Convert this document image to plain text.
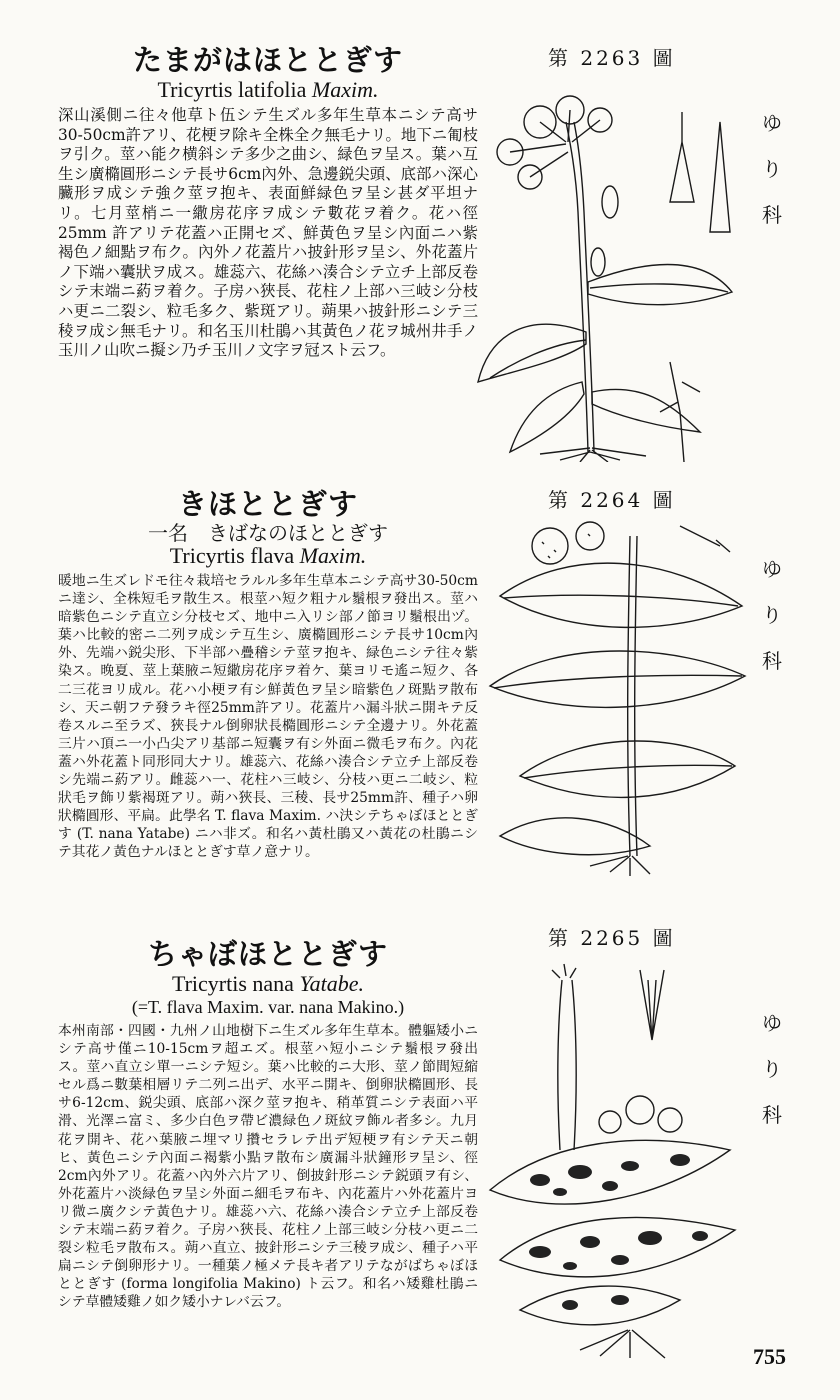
たまがはほととぎす
Tricyrtis latifolia Maxim.
深山溪側ニ往々他草ト伍シテ生ズル多年生草本ニシテ高サ30-50cm許アリ、花梗ヲ除キ全株全ク無毛ナリ。地下ニ匍枝ヲ引ク。莖ハ能ク横斜シテ多少之曲シ、緑色ヲ呈ス。葉ハ互生シ廣橢圓形ニシテ長サ6cm內外、急邊鋭尖頭、底部ハ深心臟形ヲ成シテ強ク莖ヲ抱キ、表面鮮緑色ヲ呈シ甚ダ平坦ナリ。七月莖梢ニ一繖房花序ヲ成シテ數花ヲ着ク。花ハ徑25mm 許アリテ花蓋ハ正開セズ、鮮黃色ヲ呈シ內面ニハ紫褐色ノ細點ヲ布ク。內外ノ花蓋片ハ披針形ヲ呈シ、外花蓋片ノ下端ハ囊狀ヲ成ス。雄蕊六、花絲ハ湊合シテ立チ上部反卷シテ末端ニ葯ヲ着ク。子房ハ狹長、花柱ノ上部ハ三岐シ分枝ハ更ニ二裂シ、粒毛多ク、紫斑アリ。蒴果ハ披針形ニシテ三稜ヲ成シ無毛ナリ。和名玉川杜鵑ハ其黃色ノ花ヲ城州井手ノ玉川ノ山吹ニ擬シ乃チ玉川ノ文字ヲ冠スト云フ。
第 2263 圖
ゆ
り
科
きほととぎす
一名　きばなのほととぎす
Tricyrtis flava Maxim.
暖地ニ生ズレドモ往々栽培セラルル多年生草本ニシテ高サ30-50cmニ達シ、全株短毛ヲ散生ス。根莖ハ短ク粗ナル鬚根ヲ發出ス。莖ハ暗紫色ニシテ直立シ分枝セズ、地中ニ入リシ部ノ節ヨリ鬚根出ヅ。葉ハ比較的密ニ二列ヲ成シテ互生シ、廣橢圓形ニシテ長サ10cm內外、先端ハ鋭尖形、下半部ハ疊稽シテ莖ヲ抱キ、緑色ニシテ往々紫染ス。晚夏、莖上葉腋ニ短繖房花序ヲ着ケ、葉ヨリモ遙ニ短ク、各二三花ヨリ成ル。花ハ小梗ヲ有シ鮮黃色ヲ呈シ暗紫色ノ斑點ヲ散布シ、天ニ朝フテ發ラキ徑25mm許アリ。花蓋片ハ漏斗狀ニ開キテ反卷スルニ至ラズ、狹長ナル倒卵狀長橢圓形ニシテ全邊ナリ。外花蓋三片ハ頂ニ一小凸尖アリ基部ニ短囊ヲ有シ外面ニ微毛ヲ布ク。內花蓋ハ外花蓋ト同形同大ナリ。雄蕊六、花絲ハ湊合シテ立チ上部反卷シ先端ニ葯アリ。雌蕊ハ一、花柱ハ三岐シ、分枝ハ更ニ二岐シ、粒狀毛ヲ飾リ紫褐斑アリ。蒴ハ狹長、三稜、長サ25mm許、種子ハ卵狀橢圓形、平扁。此學名 T. flava Maxim. ハ決シテちゃぼほととぎす (T. nana Yatabe) ニハ非ズ。和名ハ黃杜鵑又ハ黃花の杜鵑ニシテ其花ノ黃色ナルほととぎす草ノ意ナリ。
第 2264 圖
ゆ
り
科
ちゃぼほととぎす
Tricyrtis nana Yatabe.
(=T. flava Maxim. var. nana Makino.)
本州南部・四國・九州ノ山地樹下ニ生ズル多年生草本。體軀矮小ニシテ高サ僅ニ10-15cmヲ超エズ。根莖ハ短小ニシテ鬚根ヲ發出ス。莖ハ直立シ單一ニシテ短シ。葉ハ比較的ニ大形、莖ノ節間短縮セル爲ニ數葉相層リテ二列ニ出デ、水平ニ開キ、倒卵狀橢圓形、長サ6-12cm、鋭尖頭、底部ハ深ク莖ヲ抱キ、稍革質ニシテ表面ハ平滑、光澤ニ富ミ、多少白色ヲ帶ビ濃緑色ノ斑紋ヲ飾ル者多シ。九月花ヲ開キ、花ハ葉腋ニ埋マリ攢セラレテ出デ短梗ヲ有シテ天ニ朝ヒ、黃色ニシテ內面ニ褐紫小點ヲ散布シ廣漏斗狀鐘形ヲ呈シ、徑2cm內外アリ。花蓋ハ內外六片アリ、倒披針形ニシテ鋭頭ヲ有シ、外花蓋片ハ淡緑色ヲ呈シ外面ニ細毛ヲ布キ、內花蓋片ハ外花蓋片ヨリ微ニ廣クシテ黃色ナリ。雄蕊ハ六、花絲ハ湊合シテ立チ上部反卷シテ末端ニ葯ヲ着ク。子房ハ狹長、花柱ノ上部三岐シ分枝ハ更ニ二裂シ粒毛ヲ散布ス。蒴ハ直立、披針形ニシテ三稜ヲ成シ、種子ハ平扁ニシテ倒卵形ナリ。一種葉ノ極メテ長キ者アリテながばちゃぼほととぎす (forma longifolia Makino) ト云フ。和名ハ矮雞杜鵑ニシテ草體矮雞ノ如ク矮小ナレバ云フ。
第 2265 圖
ゆ
り
科
755
